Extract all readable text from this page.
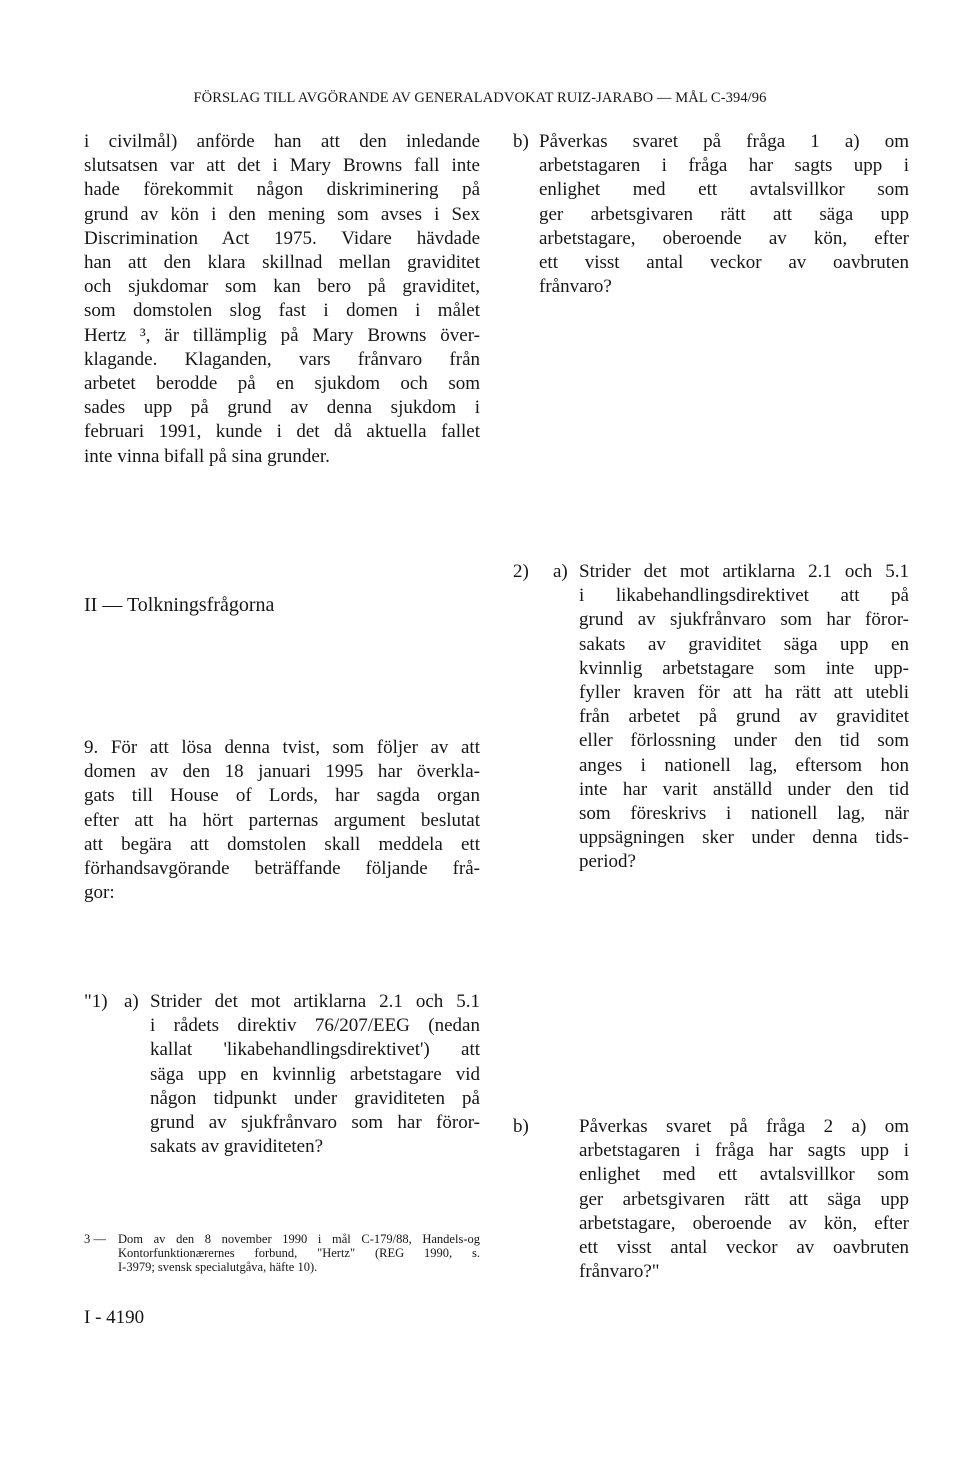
FÖRSLAG TILL AVGÖRANDE AV GENERALADVOKAT RUIZ-JARABO — MÅL C-394/96
i civilmål) anförde han att den inledande
slutsatsen var att det i Mary Browns fall inte
hade förekommit någon diskriminering på
grund av kön i den mening som avses i Sex
Discrimination Act 1975. Vidare hävdade
han att den klara skillnad mellan graviditet
och sjukdomar som kan bero på graviditet,
som domstolen slog fast i domen i målet
Hertz ³, är tillämplig på Mary Browns över-
klagande. Klaganden, vars frånvaro från
arbetet berodde på en sjukdom och som
sades upp på grund av denna sjukdom i
februari 1991, kunde i det då aktuella fallet
inte vinna bifall på sina grunder.
b) Påverkas svaret på fråga 1 a) om
arbetstagaren i fråga har sagts upp i
enlighet med ett avtalsvillkor som
ger arbetsgivaren rätt att säga upp
arbetstagare, oberoende av kön, efter
ett visst antal veckor av oavbruten
frånvaro?
II — Tolkningsfrågorna
9. För att lösa denna tvist, som följer av att
domen av den 18 januari 1995 har överkla-
gats till House of Lords, har sagda organ
efter att ha hört parternas argument beslutat
att begära att domstolen skall meddela ett
förhandsavgörande beträffande följande frå-
gor:
2) a) Strider det mot artiklarna 2.1 och 5.1
i likabehandlingsdirektivet att på
grund av sjukfrånvaro som har föror-
sakats av graviditet säga upp en
kvinnlig arbetstagare som inte upp-
fyller kraven för att ha rätt att utebli
från arbetet på grund av graviditet
eller förlossning under den tid som
anges i nationell lag, eftersom hon
inte har varit anställd under den tid
som föreskrivs i nationell lag, när
uppsägningen sker under denna tids-
period?
"1) a) Strider det mot artiklarna 2.1 och 5.1
i rådets direktiv 76/207/EEG (nedan
kallat 'likabehandlingsdirektivet') att
säga upp en kvinnlig arbetstagare vid
någon tidpunkt under graviditeten på
grund av sjukfrånvaro som har föror-
sakats av graviditeten?
b)	Påverkas svaret på fråga 2 a) om
arbetstagaren i fråga har sagts upp i
enlighet med ett avtalsvillkor som
ger arbetsgivaren rätt att säga upp
arbetstagare, oberoende av kön, efter
ett visst antal veckor av oavbruten
frånvaro?"
3 — Dom av den 8 november 1990 i mål C-179/88, Handels-og
Kontorfunktionærernes forbund, "Hertz" (REG 1990, s.
I-3979; svensk specialutgåva, häfte 10).
I - 4190
